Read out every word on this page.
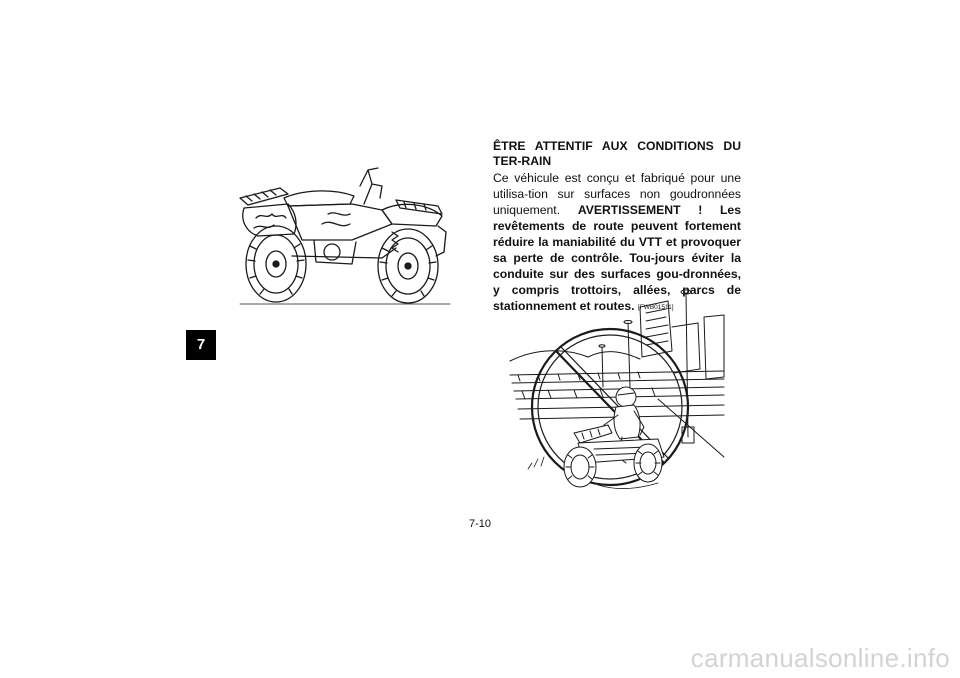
7
ÊTRE ATTENTIF AUX CONDITIONS DU TER-RAIN

Ce véhicule est conçu et fabriqué pour une utilisa-tion sur surfaces non goudronnées uniquement. AVERTISSEMENT ! Les revêtements de route peuvent fortement réduire la maniabilité du VTT et provoquer sa perte de contrôle. Tou-jours éviter la conduite sur des surfaces gou-dronnées, y compris trottoirs, allées, parcs de stationnement et routes. [FWB01511]

7-10
carmanualsonline.info
